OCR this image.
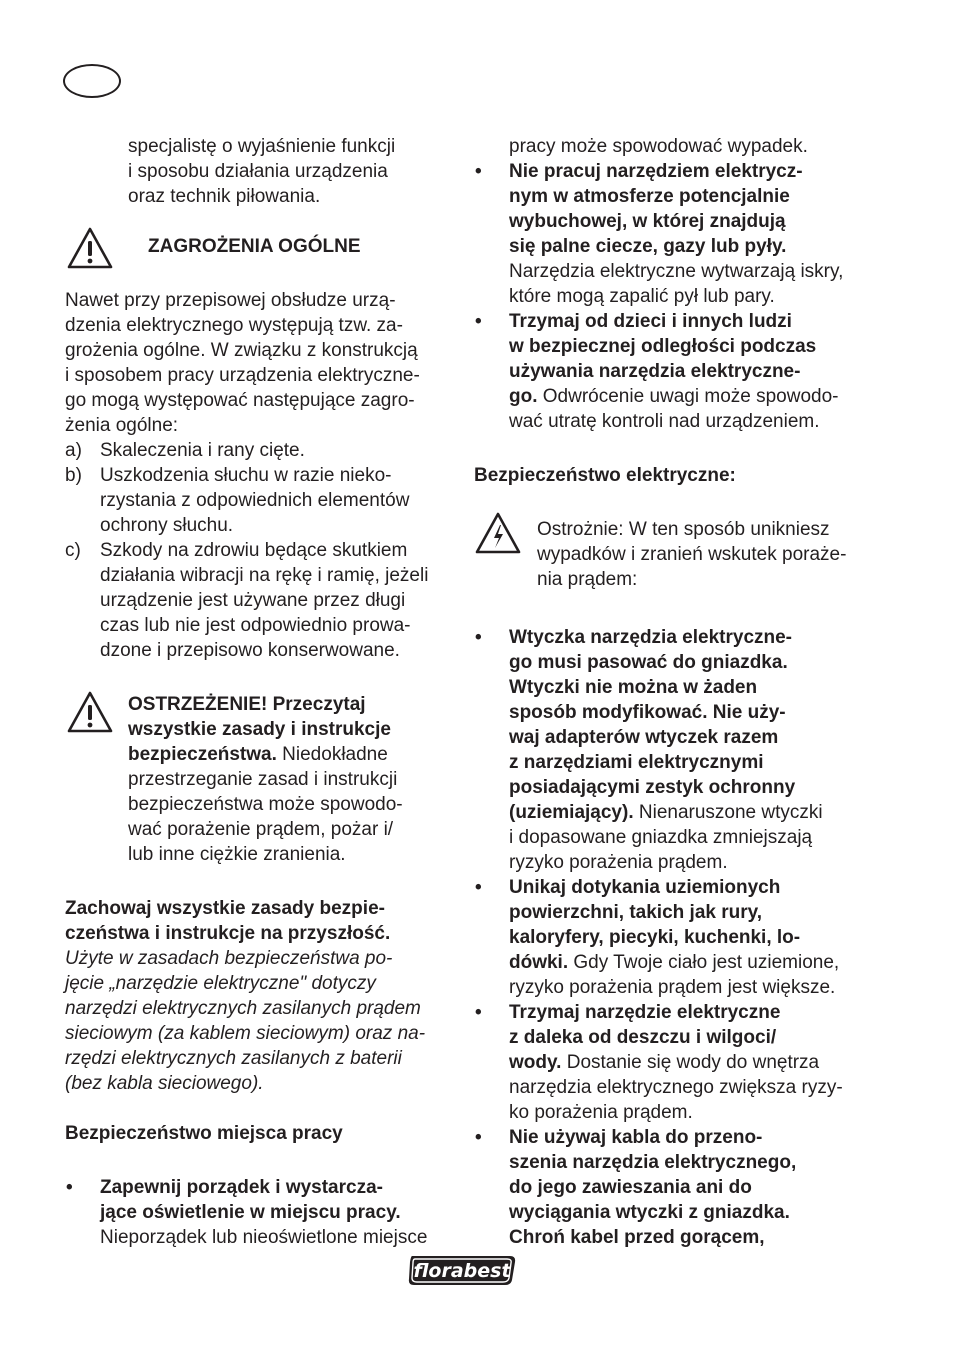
specjalistę o wyjaśnienie funkcji
i sposobu działania urządzenia
oraz technik piłowania.
ZAGROŻENIA OGÓLNE
Nawet przy przepisowej obsłudze urzą-
dzenia elektrycznego występują tzw. za-
grożenia ogólne. W związku z konstrukcją
i sposobem pracy urządzenia elektryczne-
go mogą występować następujące zagro-
żenia ogólne:
a) Skaleczenia i rany cięte.
b) Uszkodzenia słuchu w razie nieko-
rzystania z odpowiednich elementów
ochrony słuchu.
c) Szkody na zdrowiu będące skutkiem
działania wibracji na rękę i ramię, jeżeli
urządzenie jest używane przez długi
czas lub nie jest odpowiednio prowa-
dzone i przepisowo konserwowane.
OSTRZEŻENIE! Przeczytaj
wszystkie zasady i instrukcje
bezpieczeństwa. Niedokładne
przestrzeganie zasad i instrukcji
bezpieczeństwa może spowodo-
wać porażenie prądem, pożar i/
lub inne ciężkie zranienia.
Zachowaj wszystkie zasady bezpie-
czeństwa i instrukcje na przyszłość.
Użyte w zasadach bezpieczeństwa po-
jęcie „narzędzie elektryczne" dotyczy
narzędzi elektrycznych zasilanych prądem
sieciowym (za kablem sieciowym) oraz na-
rzędzi elektrycznych zasilanych z baterii
(bez kabla sieciowego).
Bezpieczeństwo miejsca pracy
• Zapewnij porządek i wystarcza-
jące oświetlenie w miejscu pracy.
Nieporządek lub nieoświetlone miejsce
pracy może spowodować wypadek.
• Nie pracuj narzędziem elektrycz-
nym w atmosferze potencjalnie
wybuchowej, w której znajdują
się palne ciecze, gazy lub pyły.
Narzędzia elektryczne wytwarzają iskry,
które mogą zapalić pył lub pary.
• Trzymaj od dzieci i innych ludzi
w bezpiecznej odległości podczas
używania narzędzia elektryczne-
go. Odwrócenie uwagi może spowodo-
wać utratę kontroli nad urządzeniem.
Bezpieczeństwo elektryczne:
Ostrożnie: W ten sposób unikniesz
wypadków i zranień wskutek poraże-
nia prądem:
• Wtyczka narzędzia elektryczne-
go musi pasować do gniazdka.
Wtyczki nie można w żaden
sposób modyfikować. Nie uży-
waj adapterów wtyczek razem
z narzędziami elektrycznymi
posiadającymi zestyk ochronny
(uziemiający). Nienaruszone wtyczki
i dopasowane gniazdka zmniejszają
ryzyko porażenia prądem.
• Unikaj dotykania uziemionych
powierzchni, takich jak rury,
kaloryfery, piecyki, kuchenki, lo-
dówki. Gdy Twoje ciało jest uziemione,
ryzyko porażenia prądem jest większe.
• Trzymaj narzędzie elektryczne
z daleka od deszczu i wilgoci/
wody. Dostanie się wody do wnętrza
narzędzia elektrycznego zwiększa ryzy-
ko porażenia prądem.
• Nie używaj kabla do przeno-
szenia narzędzia elektrycznego,
do jego zawieszania ani do
wyciągania wtyczki z gniazdka.
Chroń kabel przed gorącem,
florabest
